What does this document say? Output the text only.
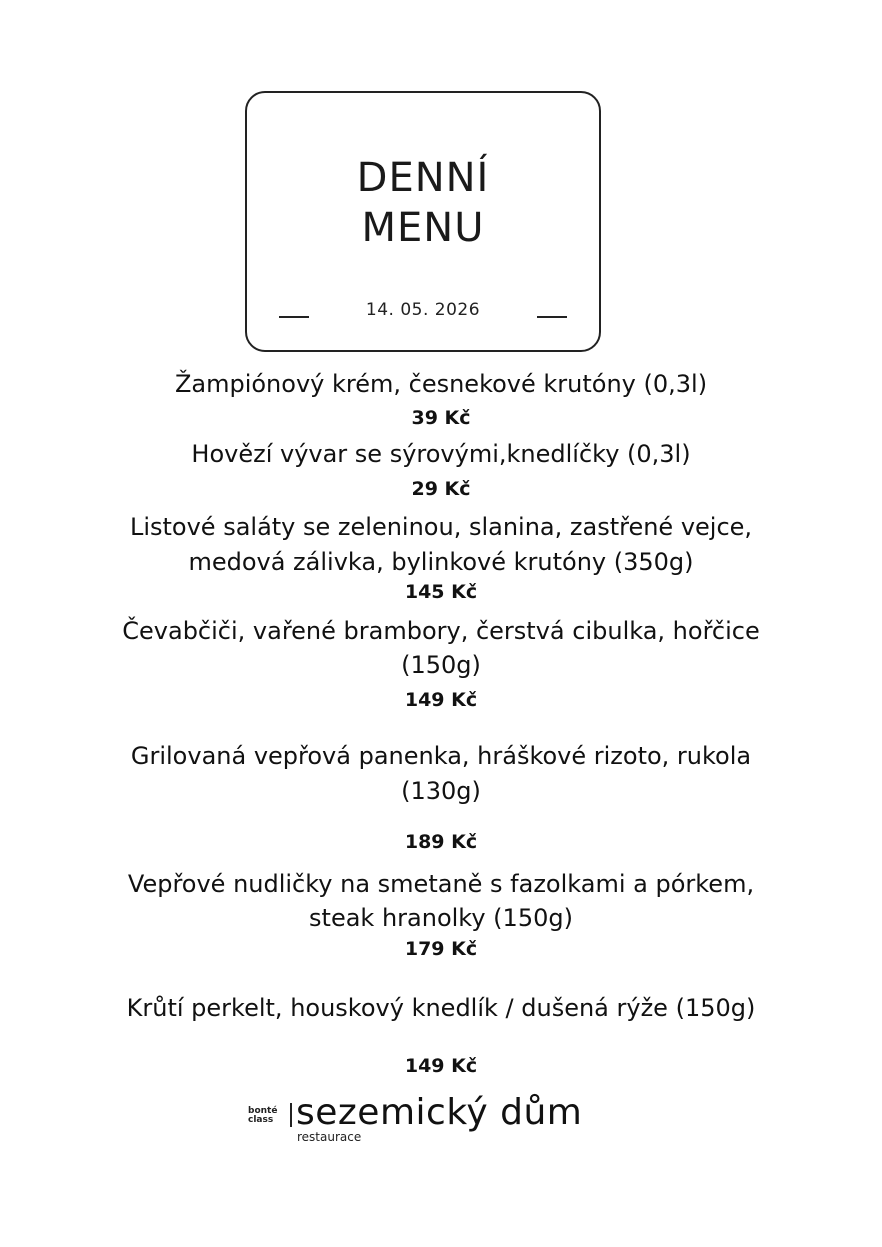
DENNÍ
MENU
14. 05. 2026
Žampiónový krém, česnekové krutóny (0,3l)
39 Kč
Hovězí vývar se sýrovými,knedlíčky (0,3l)
29 Kč
Listové saláty se zeleninou, slanina, zastřené vejce,
medová zálivka, bylinkové krutóny (350g)
145 Kč
Čevabčiči, vařené brambory, čerstvá cibulka, hořčice
(150g)
149 Kč
Grilovaná vepřová panenka, hráškové rizoto, rukola
(130g)
189 Kč
Vepřové nudličky na smetaně s fazolkami a pórkem,
steak hranolky (150g)
179 Kč
Krůtí perkelt, houskový knedlík / dušená rýže (150g)
149 Kč
bonté
class sezemický dům
restaurace
